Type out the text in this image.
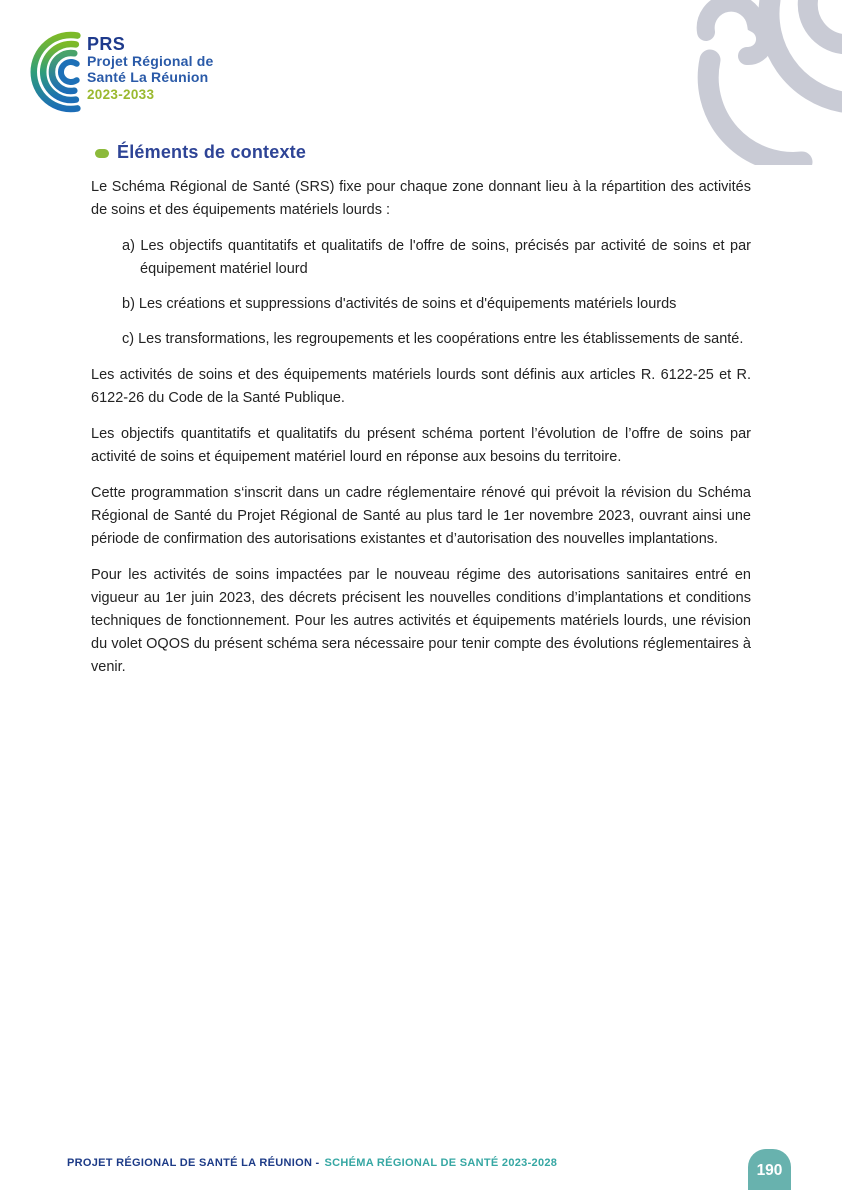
PRS
Projet Régional de
Santé La Réunion
2023-2033
Éléments de contexte

Le Schéma Régional de Santé (SRS) fixe pour chaque zone donnant lieu à la répartition des activités de soins et des équipements matériels lourds :

a) Les objectifs quantitatifs et qualitatifs de l'offre de soins, précisés par activité de soins et par équipement matériel lourd

b) Les créations et suppressions d'activités de soins et d'équipements matériels lourds

c) Les transformations, les regroupements et les coopérations entre les établissements de santé.

Les activités de soins et des équipements matériels lourds sont définis aux articles R. 6122-25 et R. 6122-26 du Code de la Santé Publique.

Les objectifs quantitatifs et qualitatifs du présent schéma portent l’évolution de l’offre de soins par activité de soins et équipement matériel lourd en réponse aux besoins du territoire.

Cette programmation s‘inscrit dans un cadre réglementaire rénové qui prévoit la révision du Schéma Régional de Santé du Projet Régional de Santé au plus tard le 1er novembre 2023, ouvrant ainsi une période de confirmation des autorisations existantes et d’autorisation des nouvelles implantations.

Pour les activités de soins impactées par le nouveau régime des autorisations sanitaires entré en vigueur au 1er juin 2023, des décrets précisent les nouvelles conditions d’implantations et conditions techniques de fonctionnement. Pour les autres activités et équipements matériels lourds, une révision du volet OQOS du présent schéma sera nécessaire pour tenir compte des évolutions réglementaires à venir.

PROJET RÉGIONAL DE SANTÉ LA RÉUNION - SCHÉMA RÉGIONAL DE SANTÉ 2023-2028	190
